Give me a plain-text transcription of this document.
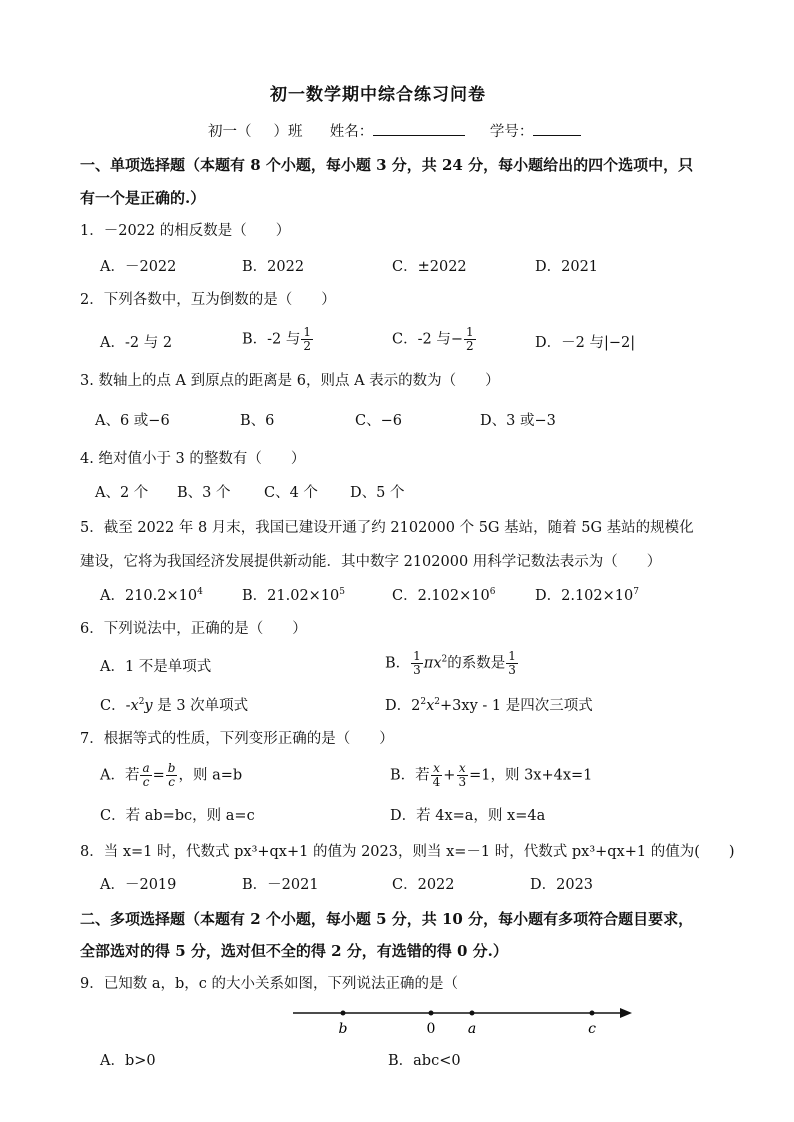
初一数学期中综合练习问卷
初一（ ）班 姓名：	学号：
一、单项选择题（本题有 8 个小题，每小题 3 分，共 24 分，每小题给出的四个选项中，只
有一个是正确的.）
1．－2022 的相反数是（　　）
A．－2022	B．2022	C．±2022	D．2021
2．下列各数中，互为倒数的是（　　）
A．-2 与 2	B．-2 与 $\frac{1}{2}$	C．-2 与− $\frac{1}{2}$	D．－2 与|−2|
3. 数轴上的点 A 到原点的距离是 6，则点 A 表示的数为（　　）
A、6 或−6	B、6	C、−6	D、3 或−3
4. 绝对值小于 3 的整数有（　　）
A、2 个 B、3 个 C、4 个 D、5 个
5．截至 2022 年 8 月末，我国已建设开通了约 2102000 个 5G 基站，随着 5G 基站的规模化
建设，它将为我国经济发展提供新动能．其中数字 2102000 用科学记数法表示为（　　）
A．$210.2\times 10^4$	B．$21.02\times 10^5$	C．$2.102\times 10^6$	D．$2.102\times 10^7$
6．下列说法中，正确的是（　　）
A．1 不是单项式	B． $\frac{1}{3} \pi x^2$的系数是 $\frac{1}{3}$
C．$-x^2y$ 是 3 次单项式	D．$2^2x^2+3xy - 1$ 是四次三项式
7．根据等式的性质，下列变形正确的是（　　）
A．若 $\frac{a}{c} = \frac{b}{c}$ ，则 a=b	B．若 $\frac{x}{4} + \frac{x}{3} =1$，则 3x+4x=1
C．若 ab=bc，则 a=c	D．若 4x=a，则 x=4a
8．当 x=1 时，代数式 px³+qx+1 的值为 2023，则当 x=－1 时，代数式 px³+qx+1 的值为(　　)
A．－2019	B．－2021	C．2022	D．2023
二、多项选择题（本题有 2 个小题，每小题 5 分，共 10 分，每小题有多项符合题目要求，
全部选对的得 5 分，选对但不全的得 2 分，有选错的得 0 分.）
9．已知数 a，b，c 的大小关系如图，下列说法正确的是（
b	0 a	c
A．b>0	B．abc<0
